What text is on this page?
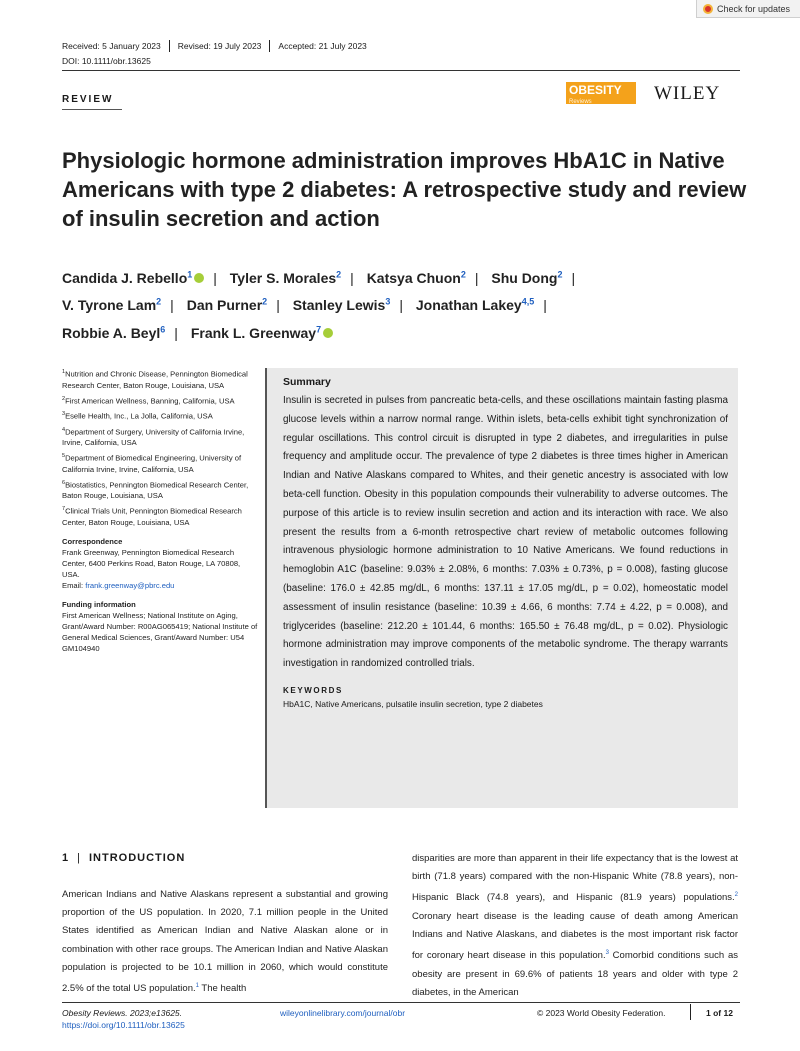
Check for updates
Received: 5 January 2023 Revised: 19 July 2023 Accepted: 21 July 2023
DOI: 10.1111/obr.13625
REVIEW
OBESITY
Reviews	WILEY
Physiologic hormone administration improves HbA1C in Native Americans with type 2 diabetes: A retrospective study and review of insulin secretion and action
Candida J. Rebello$^1$ | Tyler S. Morales$^2$ | Katsya Chuon$^2$ | Shu Dong$^2$ |
V. Tyrone Lam$^2$ | Dan Purner$^2$ | Stanley Lewis$^3$ | Jonathan Lakey$^{4,5}$ |
Robbie A. Beyl$^6$ | Frank L. Greenway$^7$
$^1$Nutrition and Chronic Disease, Pennington Biomedical Research Center, Baton Rouge, Louisiana, USA
$^2$First American Wellness, Banning, California, USA
$^3$Eselle Health, Inc., La Jolla, California, USA
$^4$Department of Surgery, University of California Irvine, Irvine, California, USA
$^5$Department of Biomedical Engineering, University of California Irvine, Irvine, California, USA
$^6$Biostatistics, Pennington Biomedical Research Center, Baton Rouge, Louisiana, USA
$^7$Clinical Trials Unit, Pennington Biomedical Research Center, Baton Rouge, Louisiana, USA
Correspondence
Frank Greenway, Pennington Biomedical Research Center, 6400 Perkins Road, Baton Rouge, LA 70808, USA.
Email: frank.greenway@pbrc.edu
Funding information
First American Wellness; National Institute on Aging, Grant/Award Number: R00AG065419; National Institute of General Medical Sciences, Grant/Award Number: U54 GM104940
Summary
Insulin is secreted in pulses from pancreatic beta-cells, and these oscillations maintain fasting plasma glucose levels within a narrow normal range. Within islets, beta-cells exhibit tight synchronization of regular oscillations. This control circuit is disrupted in type 2 diabetes, and irregularities in pulse frequency and amplitude occur. The prevalence of type 2 diabetes is three times higher in American Indian and Native Alaskans compared to Whites, and their genetic ancestry is associated with low beta-cell function. Obesity in this population compounds their vulnerability to adverse outcomes. The purpose of this article is to review insulin secretion and action and its interaction with race. We also present the results from a 6-month retrospective chart review of metabolic outcomes following intravenous physiologic hormone administration to 10 Native Americans. We found reductions in hemoglobin A1C (baseline: 9.03% ± 2.08%, 6 months: 7.03% ± 0.73%, p = 0.008), fasting glucose (baseline: 176.0 ± 42.85 mg/dL, 6 months: 137.11 ± 17.05 mg/dL, p = 0.02), homeostatic model assessment of insulin resistance (baseline: 10.39 ± 4.66, 6 months: 7.74 ± 4.22, p = 0.008), and triglycerides (baseline: 212.20 ± 101.44, 6 months: 165.50 ± 76.48 mg/dL, p = 0.02). Physiologic hormone administration may improve components of the metabolic syndrome. The therapy warrants investigation in randomized controlled trials.
KEYWORDS
HbA1C, Native Americans, pulsatile insulin secretion, type 2 diabetes
1 | INTRODUCTION
American Indians and Native Alaskans represent a substantial and growing proportion of the US population. In 2020, 7.1 million people in the United States identified as American Indian and Native Alaskan alone or in combination with other race groups. The American Indian and Native Alaskan population is projected to be 10.1 million in 2060, which would constitute 2.5% of the total US population.$^1$ The health
disparities are more than apparent in their life expectancy that is the lowest at birth (71.8 years) compared with the non-Hispanic White (78.8 years), non-Hispanic Black (74.8 years), and Hispanic (81.9 years) populations.$^2$ Coronary heart disease is the leading cause of death among American Indians and Native Alaskans, and diabetes is the most important risk factor for coronary heart disease in this population.$^3$ Comorbid conditions such as obesity are present in 69.6% of patients 18 years and older with type 2 diabetes, in the American
Obesity Reviews. 2023;e13625.
https://doi.org/10.1111/obr.13625
wileyonlinelibrary.com/journal/obr	© 2023 World Obesity Federation.	1 of 12
